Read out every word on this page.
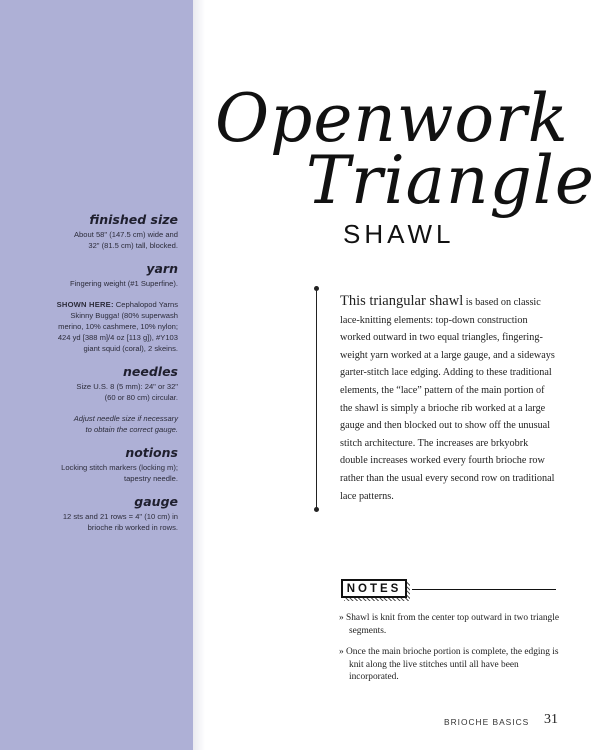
finished size

About 58" (147.5 cm) wide and
32" (81.5 cm) tall, blocked.

yarn

Fingering weight (#1 Superfine).

SHOWN HERE: Cephalopod Yarns
Skinny Bugga! (80% superwash
merino, 10% cashmere, 10% nylon;
424 yd [388 m]/4 oz [113 g]), #Y103
giant squid (coral), 2 skeins.

needles

Size U.S. 8 (5 mm): 24" or 32"
(60 or 80 cm) circular.

Adjust needle size if necessary
to obtain the correct gauge.

notions

Locking stitch markers (locking m);
tapestry needle.

gauge

12 sts and 21 rows = 4" (10 cm) in
brioche rib worked in rows.

Openwork
Triangle
SHAWL
This triangular shawl is based on classic lace-knitting elements: top-down construction worked outward in two equal triangles, fingering-weight yarn worked at a large gauge, and a sideways garter-stitch lace edging. Adding to these traditional elements, the “lace” pattern of the main portion of the shawl is simply a brioche rib worked at a large gauge and then blocked out to show off the unusual stitch architecture. The increases are brkyobrk double increases worked every fourth brioche row rather than the usual every second row on traditional lace patterns.
NOTES
» Shawl is knit from the center top outward in two triangle segments.
» Once the main brioche portion is complete, the edging is knit along the live stitches until all have been incorporated.
BRIOCHE BASICS 31
